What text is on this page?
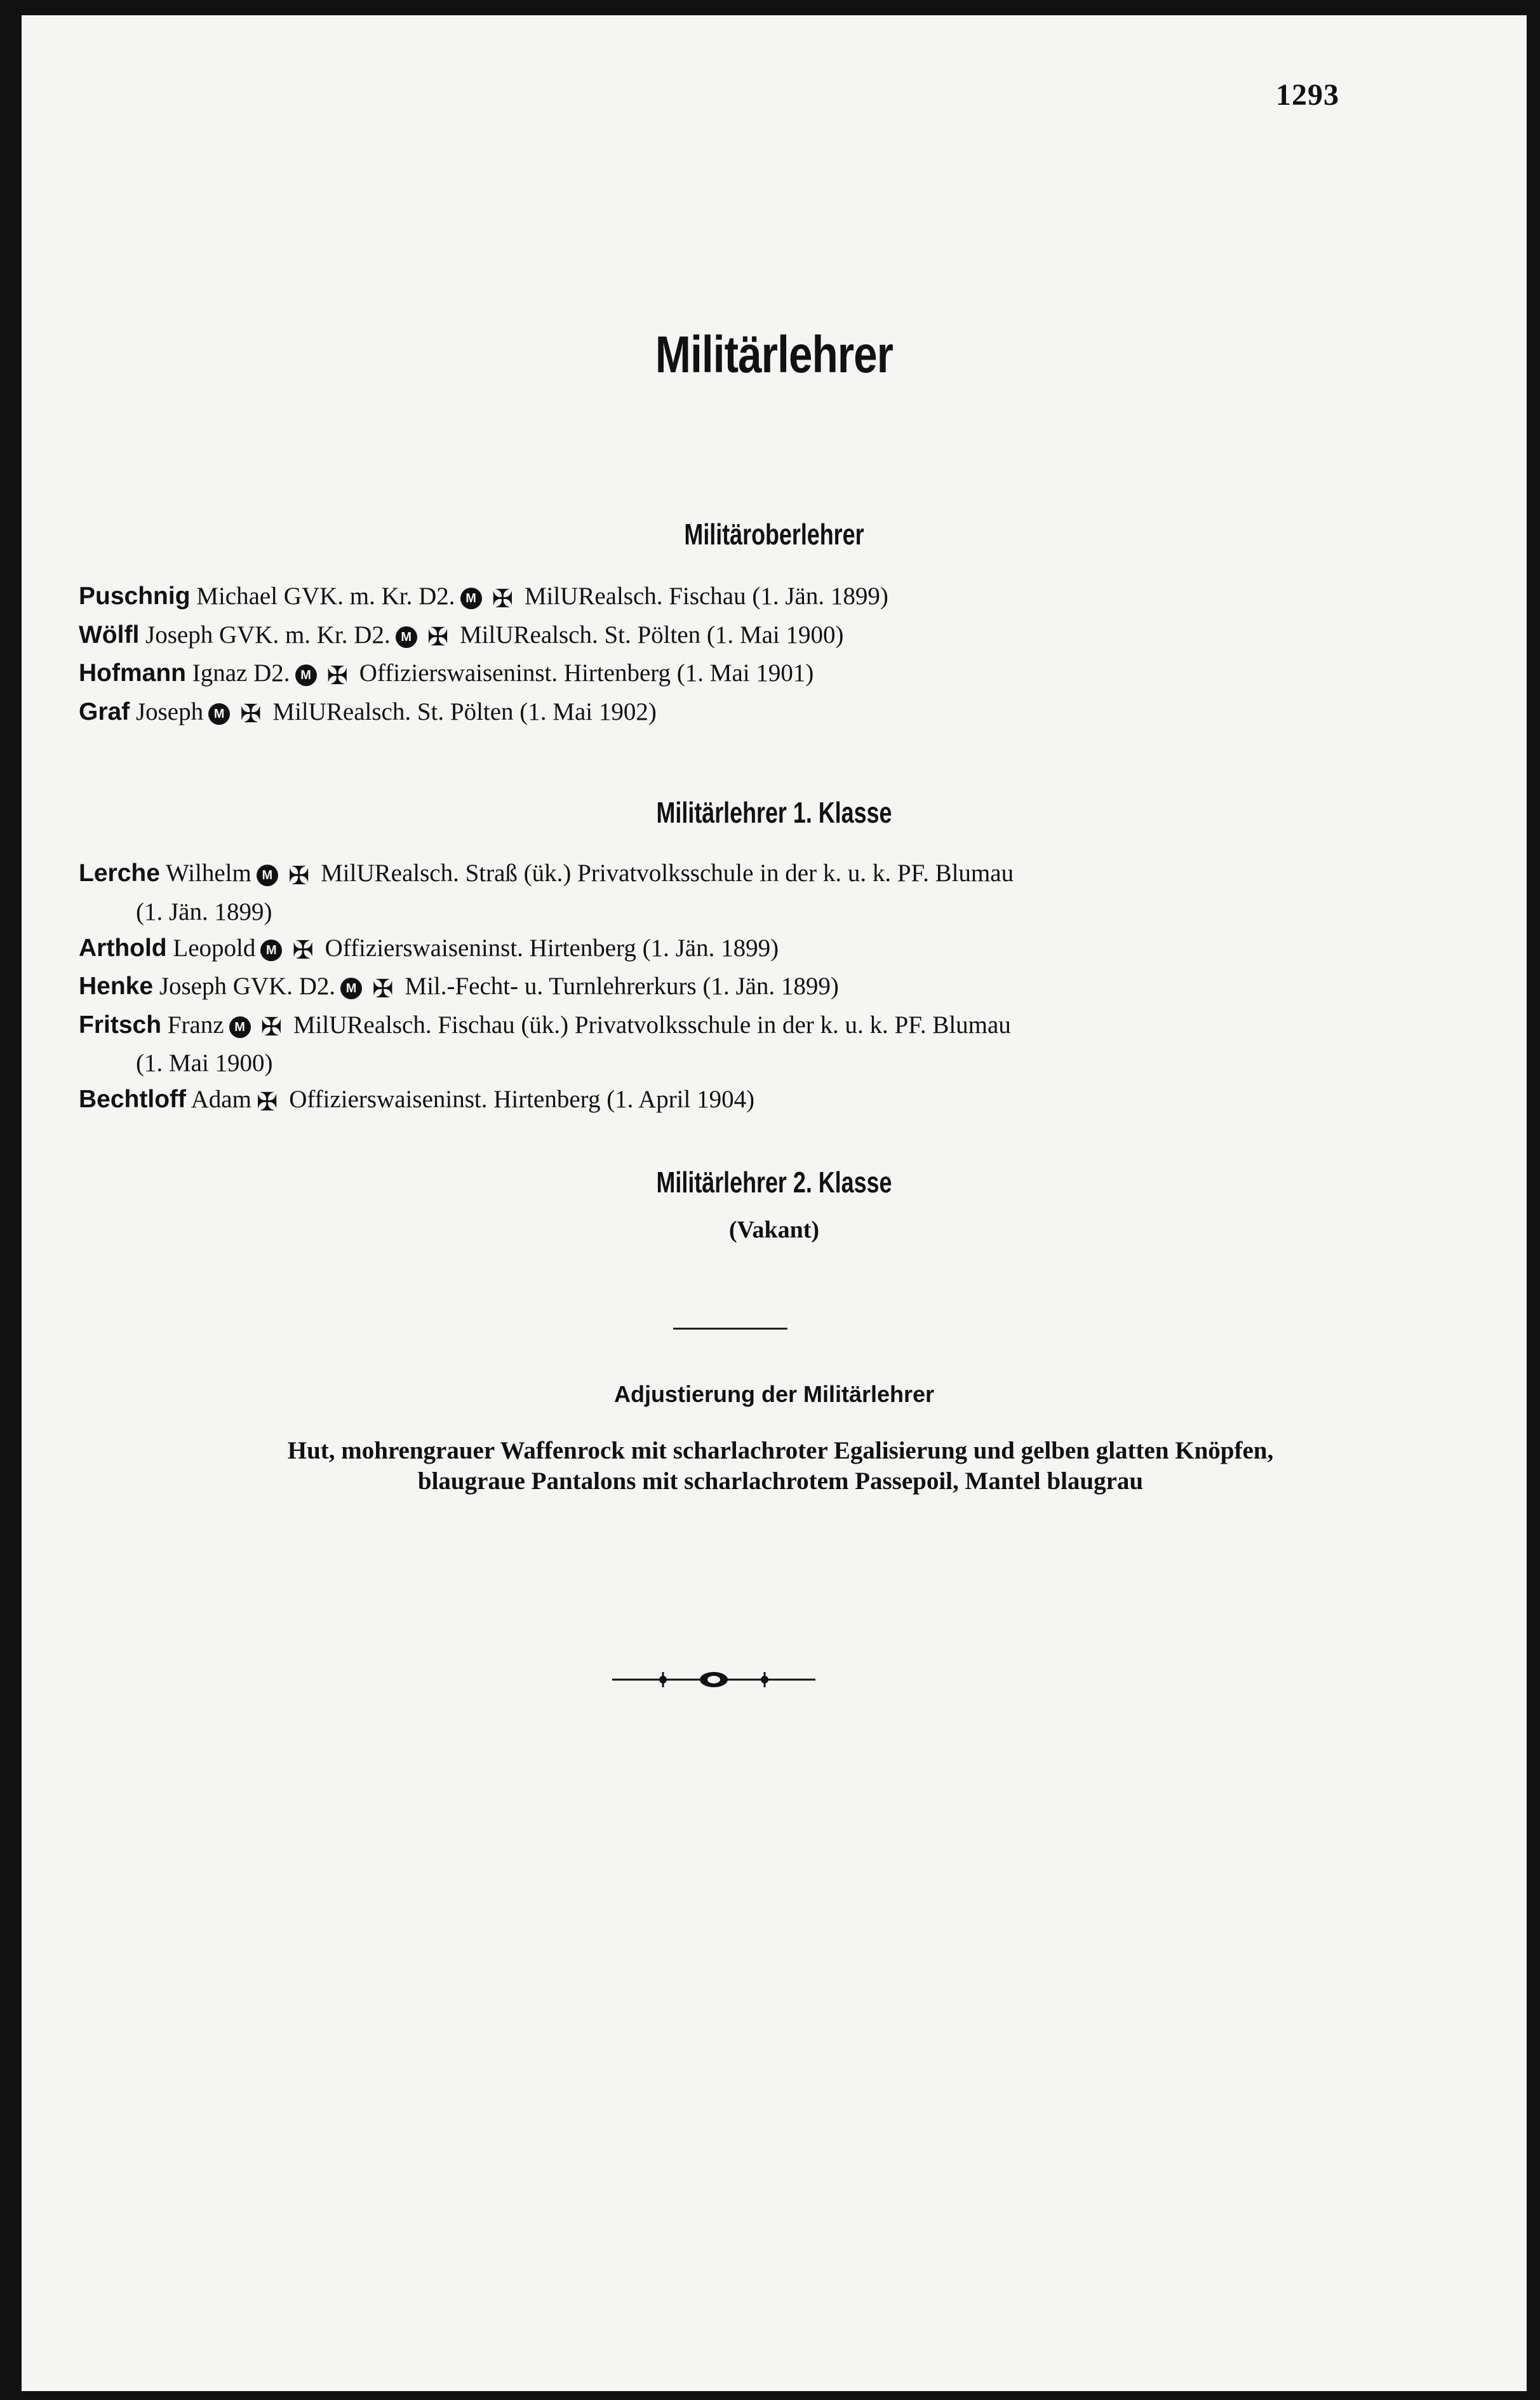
1293
Militärlehrer
Militäroberlehrer
Puschnig Michael GVK. m. Kr. D2. M ✠ MilURealsch. Fischau (1. Jän. 1899)
Wölfl Joseph GVK. m. Kr. D2. M ✠ MilURealsch. St. Pölten (1. Mai 1900)
Hofmann Ignaz D2. M ✠ Offizierswaiseninst. Hirtenberg (1. Mai 1901)
Graf Joseph M ✠ MilURealsch. St. Pölten (1. Mai 1902)
Militärlehrer 1. Klasse
Lerche Wilhelm M ✠ MilURealsch. Straß (ük.) Privatvolksschule in der k. u. k. PF. Blumau
(1. Jän. 1899)
Arthold Leopold M ✠ Offizierswaiseninst. Hirtenberg (1. Jän. 1899)
Henke Joseph GVK. D2. M ✠ Mil.-Fecht- u. Turnlehrerkurs (1. Jän. 1899)
Fritsch Franz M ✠ MilURealsch. Fischau (ük.) Privatvolksschule in der k. u. k. PF. Blumau
(1. Mai 1900)
Bechtloff Adam ✠ Offizierswaiseninst. Hirtenberg (1. April 1904)
Militärlehrer 2. Klasse
(Vakant)
Adjustierung der Militärlehrer
Hut, mohrengrauer Waffenrock mit scharlachroter Egalisierung und gelben glatten Knöpfen,
blaugraue Pantalons mit scharlachrotem Passepoil, Mantel blaugrau
